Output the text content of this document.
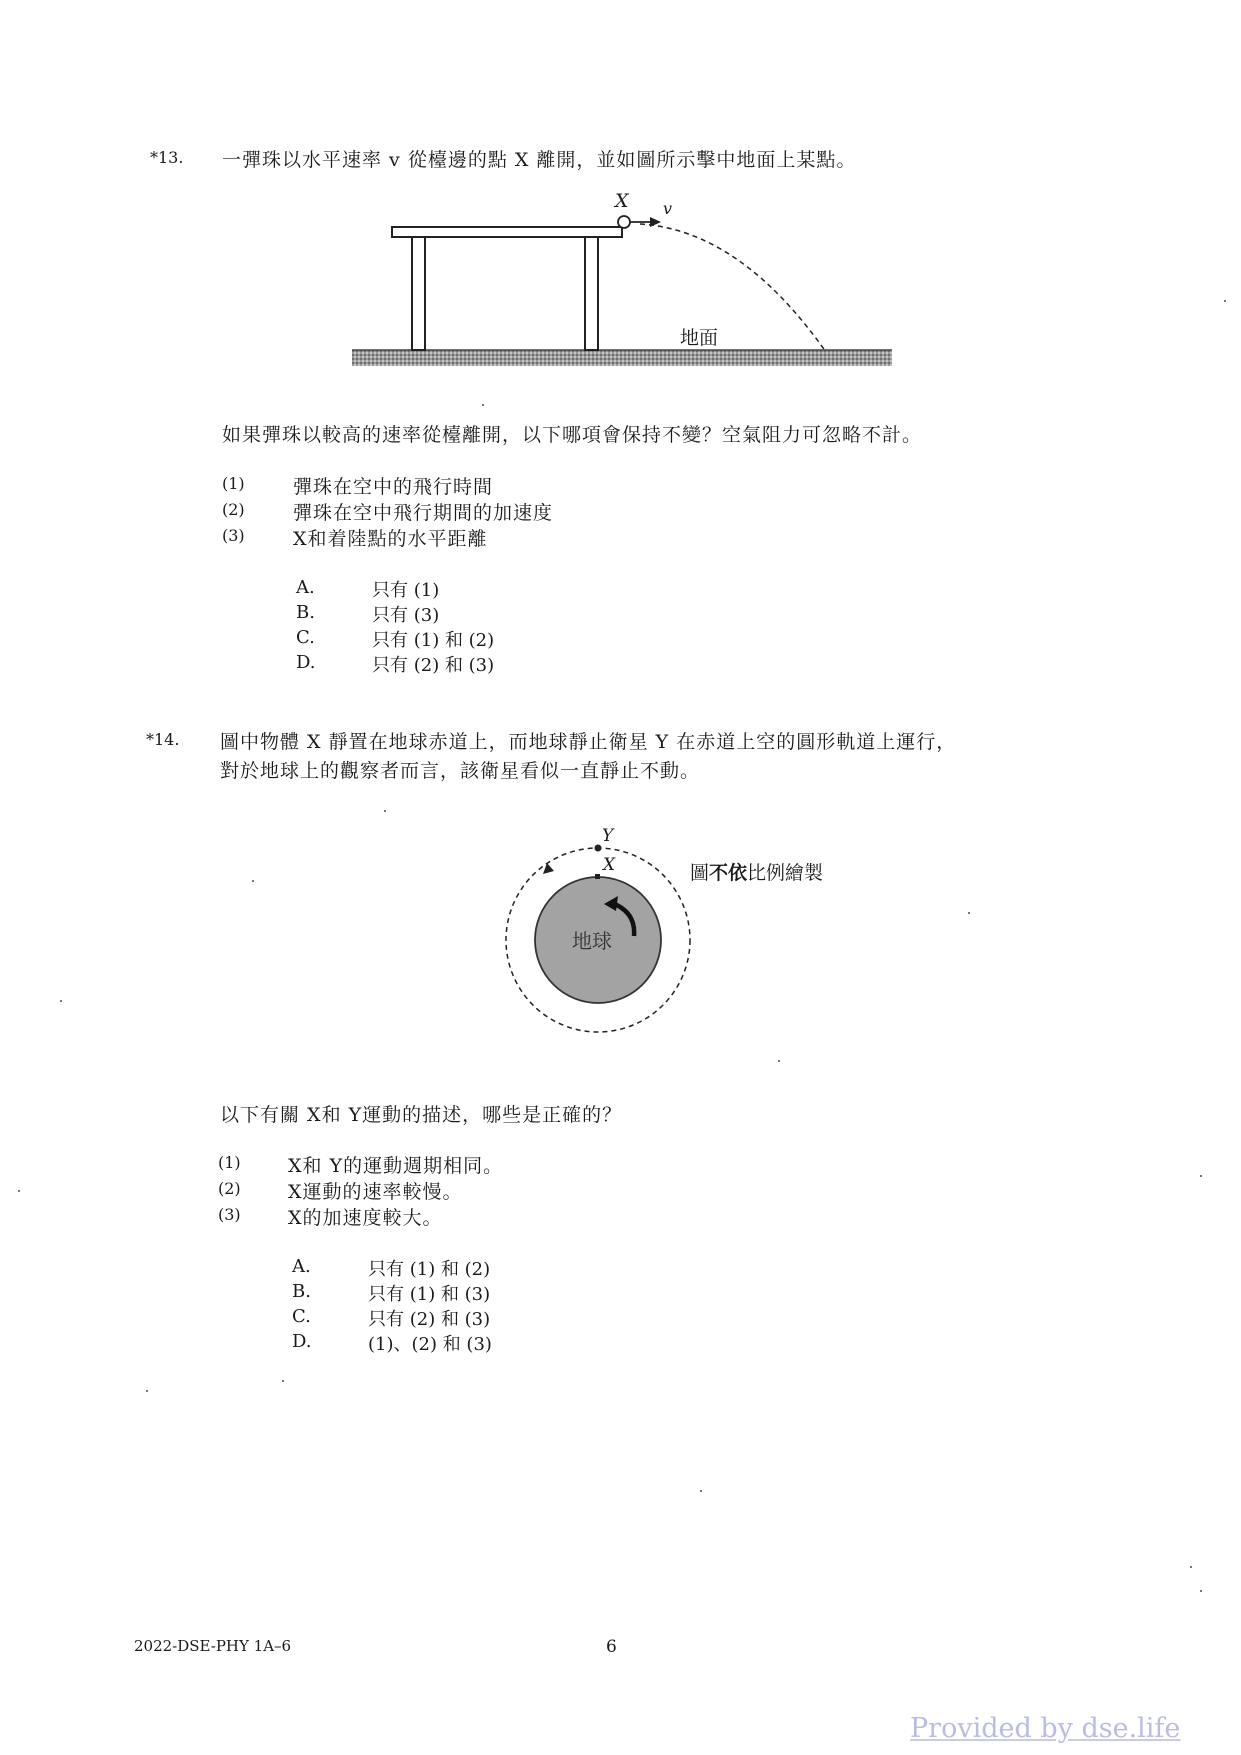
*13. 一彈珠以水平速率 v 從檯邊的點 X 離開，並如圖所示擊中地面上某點。
X v
地面
如果彈珠以較高的速率從檯離開，以下哪項會保持不變？空氣阻力可忽略不計。
(1)	彈珠在空中的飛行時間
(2)	彈珠在空中飛行期間的加速度
(3)	X和着陸點的水平距離
A.	只有 (1)
B.	只有 (3)
C.	只有 (1) 和 (2)
D.	只有 (2) 和 (3)
*14. 圖中物體 X 靜置在地球赤道上，而地球靜止衛星 Y 在赤道上空的圓形軌道上運行，
對於地球上的觀察者而言，該衛星看似一直靜止不動。
Y
X
地球
圖不依比例繪製
以下有關 X和 Y運動的描述，哪些是正確的？
(1) X和 Y的運動週期相同。
(2) X運動的速率較慢。
(3) X的加速度較大。
A.	只有 (1) 和 (2)
B.	只有 (1) 和 (3)
C.	只有 (2) 和 (3)
D.	(1)、(2) 和 (3)
2022-DSE-PHY 1A–6	6
Provided by dse.life
